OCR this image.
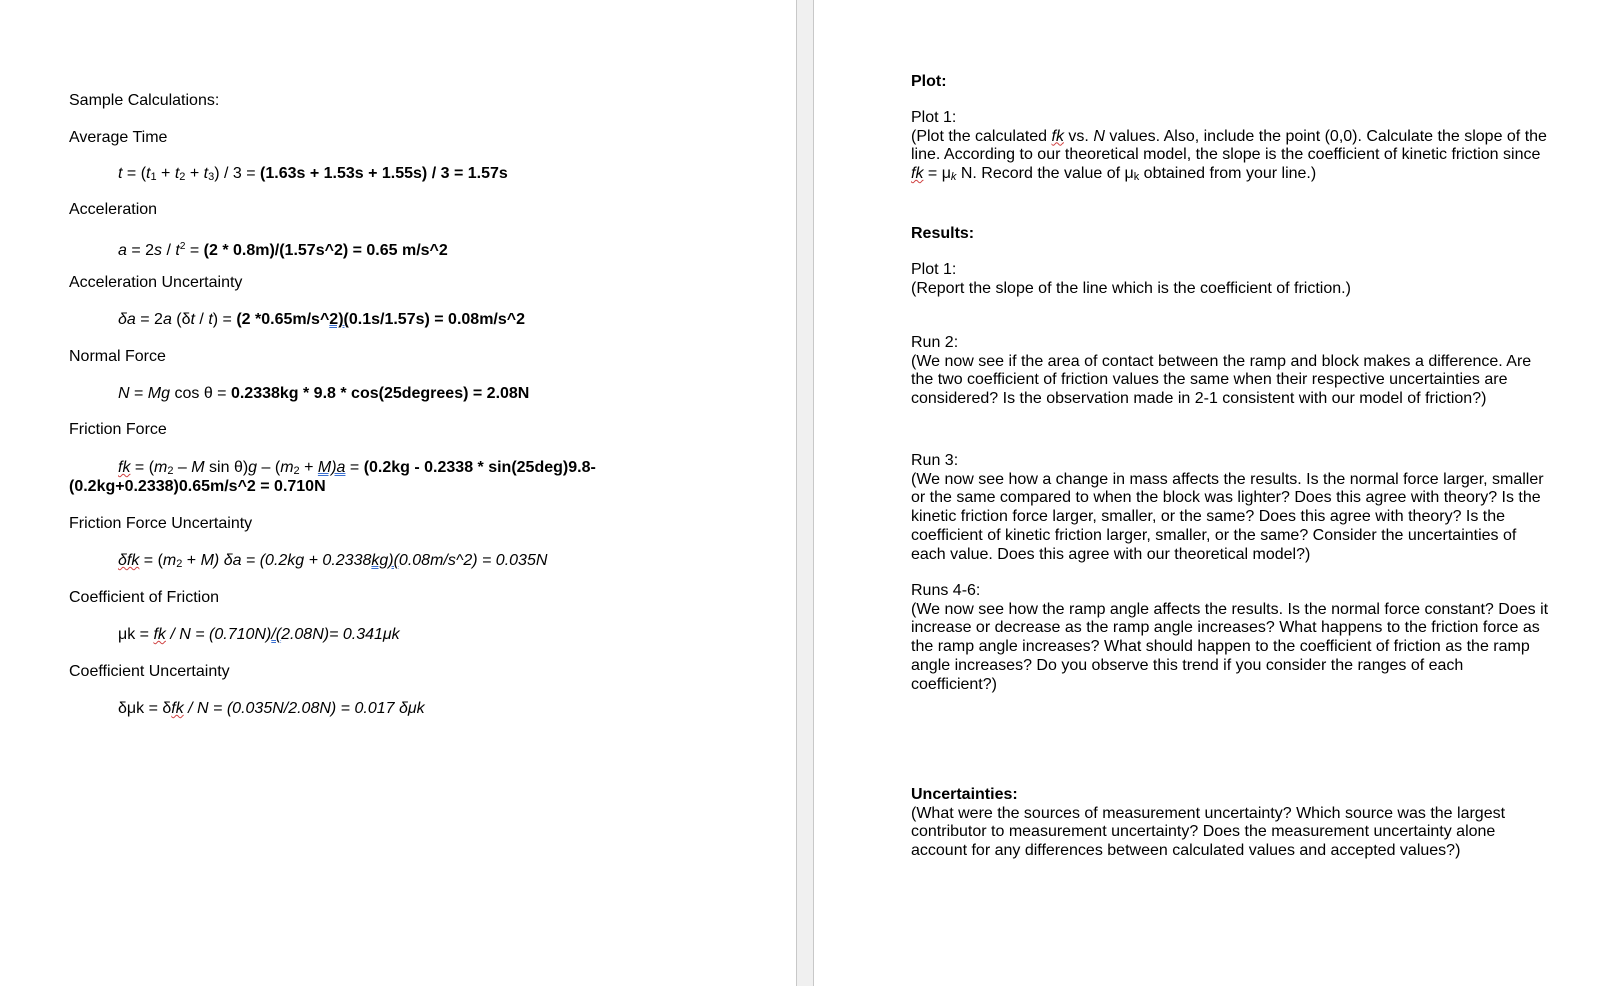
Sample Calculations:
Average Time
t = (t1 + t2 + t3) / 3 = (1.63s + 1.53s + 1.55s) / 3 = 1.57s
Acceleration
$a = 2s / t^2 = (2$ * 0.8m)/(1.57s^2) = 0.65 m/s^2
Acceleration Uncertainty
δa = 2a (δt / t) = (2 *0.65m/s^2)(0.1s/1.57s) = 0.08m/s^2
Normal Force
N = Mg cos θ = 0.2338kg * 9.8 * cos(25degrees) = 2.08N
Friction Force
fk = (m2 – M sin θ)g – (m2 + M)a = (0.2kg - 0.2338 * sin(25deg)9.8-
(0.2kg+0.2338)0.65m/s^2 = 0.710N
Friction Force Uncertainty
δfk = (m2 + M) δa = (0.2kg + 0.2338kg)(0.08m/s^2) = 0.035N
Coefficient of Friction
μk = fk / N = (0.710N)/(2.08N)= 0.341μk
Coefficient Uncertainty
δμk = δfk / N = (0.035N/2.08N) = 0.017 δμk
Plot:
Plot 1:
(Plot the calculated fk vs. N values. Also, include the point (0,0). Calculate the slope of the line. According to our theoretical model, the slope is the coefficient of kinetic friction since fk = μk N. Record the value of μk obtained from your line.)
Results:
Plot 1:
(Report the slope of the line which is the coefficient of friction.)
Run 2:
(We now see if the area of contact between the ramp and block makes a difference. Are the two coefficient of friction values the same when their respective uncertainties are considered? Is the observation made in 2-1 consistent with our model of friction?)
Run 3:
(We now see how a change in mass affects the results. Is the normal force larger, smaller or the same compared to when the block was lighter? Does this agree with theory? Is the kinetic friction force larger, smaller, or the same? Does this agree with theory? Is the coefficient of kinetic friction larger, smaller, or the same? Consider the uncertainties of each value. Does this agree with our theoretical model?)
Runs 4-6:
(We now see how the ramp angle affects the results. Is the normal force constant? Does it increase or decrease as the ramp angle increases? What happens to the friction force as the ramp angle increases? What should happen to the coefficient of friction as the ramp angle increases? Do you observe this trend if you consider the ranges of each coefficient?)
Uncertainties:
(What were the sources of measurement uncertainty? Which source was the largest contributor to measurement uncertainty? Does the measurement uncertainty alone account for any differences between calculated values and accepted values?)
